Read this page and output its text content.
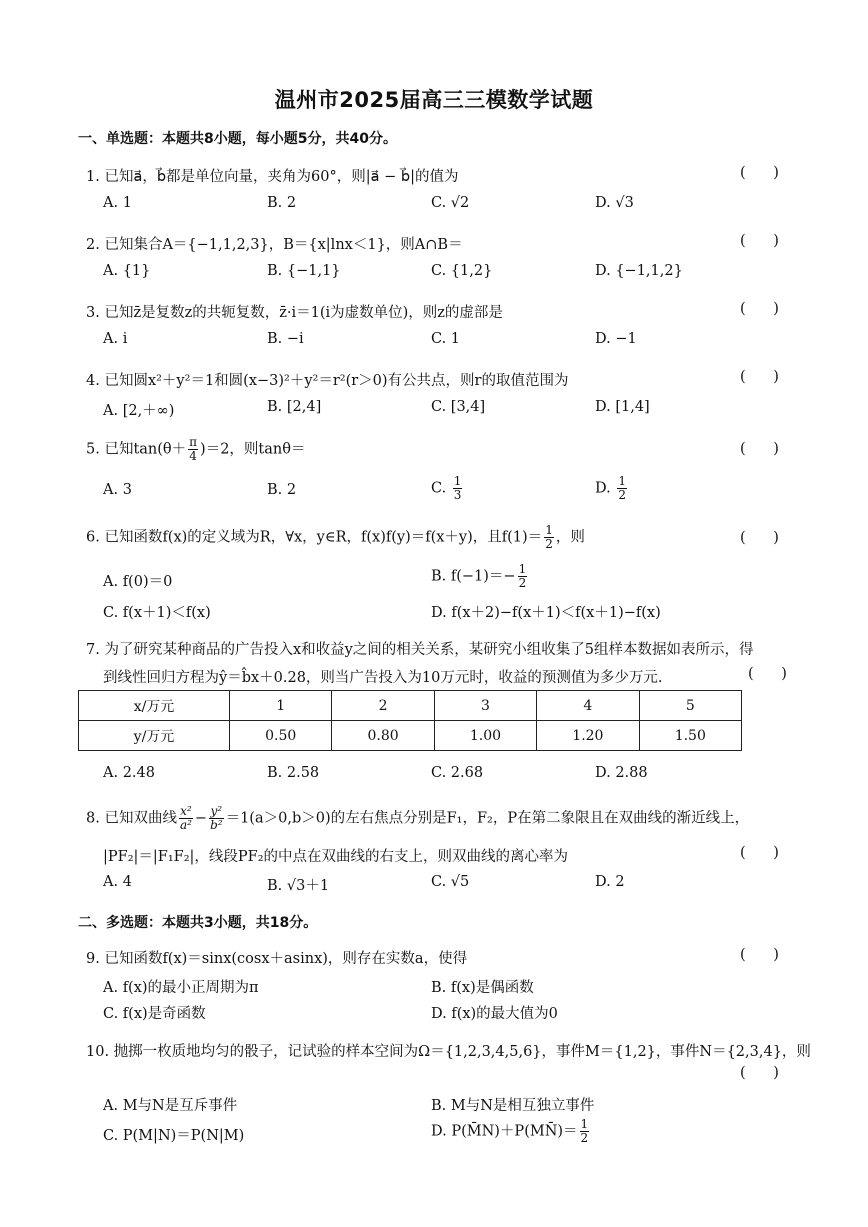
温州市2025届高三三模数学试题
一、单选题：本题共8小题，每小题5分，共40分。
1. 已知a⃗，b⃗都是单位向量，夹角为60°，则|a⃗ − b⃗|的值为	(      )
A. 1	B. 2	C. √2	D. √3
2. 已知集合A＝{−1,1,2,3}，B＝{x|lnx＜1}，则A∩B＝	(      )
A. {1}	B. {−1,1}	C. {1,2}	D. {−1,1,2}
3. 已知z̄是复数z的共轭复数，z̄·i＝1(i为虚数单位)，则z的虚部是	(      )
A. i	B. −i	C. 1	D. −1
4. 已知圆x²＋y²＝1和圆(x−3)²＋y²＝r²(r＞0)有公共点，则r的取值范围为	(      )
A. [2,＋∞)	B. [2,4]	C. [3,4]	D. [1,4]
5. 已知$\tan(\theta+ \frac{\pi}{4} )=2$，则tanθ＝	(      )
A. 3	B. 2	C. $\frac{1}{3}$	D. $\frac{1}{2}$
6. 已知函数f(x)的定义域为R，∀x，y∈R，f(x)f(y)＝f(x＋y)，且$f(1)= \frac{1}{2}$ ，则	(      )
A. f(0)＝0	B. $f(-1)=- \frac{1}{2}$
C. f(x＋1)＜f(x)	D. f(x＋2)−f(x＋1)＜f(x＋1)−f(x)
7. 为了研究某种商品的广告投入x和收益y之间的相关关系，某研究小组收集了5组样本数据如表所示，得
到线性回归方程为ŷ＝b̂x＋0.28，则当广告投入为10万元时，收益的预测值为多少万元.	(      )
x/万元	1	2	3	4	5
y/万元	0.50	0.80	1.00	1.20	1.50
A. 2.48	B. 2.58	C. 2.68	D. 2.88
8. 已知双曲线 $\frac{\text{x²}}{\text{a²}} - \frac{\text{y²}}{\text{b²}} =1(a>0,b>0)$的左右焦点分别是F₁，F₂，P在第二象限且在双曲线的渐近线上，
|PF₂|＝|F₁F₂|，线段PF₂的中点在双曲线的右支上，则双曲线的离心率为	(      )
A. 4	B. √3＋1	C. √5	D. 2
二、多选题：本题共3小题，共18分。
9. 已知函数f(x)＝sinx(cosx＋asinx)，则存在实数a，使得	(      )
A. f(x)的最小正周期为π	B. f(x)是偶函数
C. f(x)是奇函数	D. f(x)的最大值为0
10. 抛掷一枚质地均匀的骰子，记试验的样本空间为Ω＝{1,2,3,4,5,6}，事件M＝{1,2}，事件N＝{2,3,4}，则
(      )
A. M与N是互斥事件	B. M与N是相互独立事件
C. P(M|N)＝P(N|M)	D. P(M̄N)＋P(MN̄)＝ $\frac{1}{2}$
